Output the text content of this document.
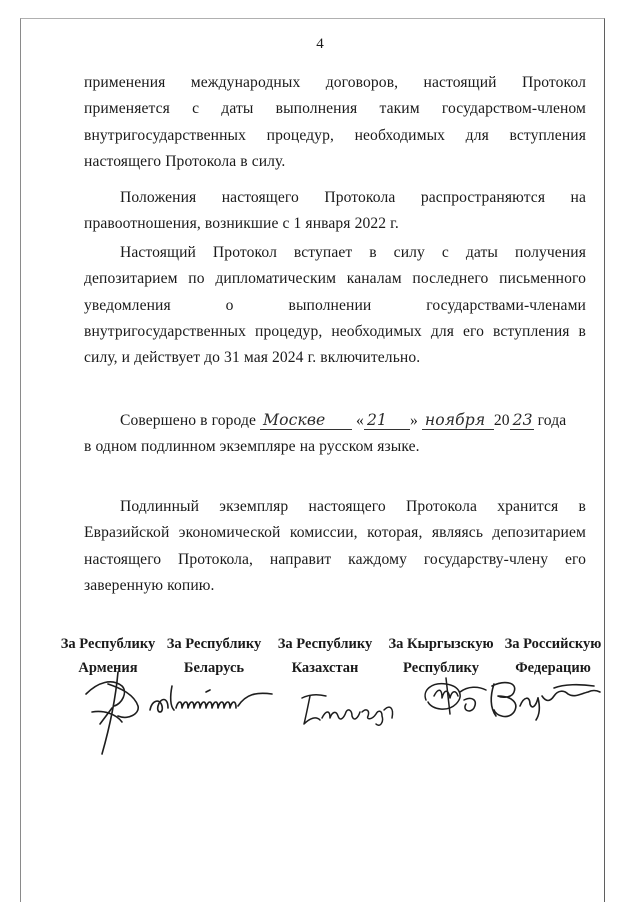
4

применения международных договоров, настоящий Протокол применяется с даты выполнения таким государством-членом внутригосударственных процедур, необходимых для вступления настоящего Протокола в силу.

Положения настоящего Протокола распространяются на правоотношения, возникшие с 1 января 2022 г.

Настоящий Протокол вступает в силу с даты получения депозитарием по дипломатическим каналам последнего письменного уведомления о выполнении государствами-членами внутригосударственных процедур, необходимых для его вступления в силу, и действует до 31 мая 2024 г. включительно.

Совершено в городе Москве « 21 » ноября 20 23 года
в одном подлинном экземпляре на русском языке.

Подлинный экземпляр настоящего Протокола хранится в Евразийской экономической комиссии, которая, являясь депозитарием настоящего Протокола, направит каждому государству-члену его заверенную копию.

За Республику
Армения
За Республику
Беларусь
За Республику
Казахстан
За Кыргызскую
Республику
За Российскую
Федерацию
